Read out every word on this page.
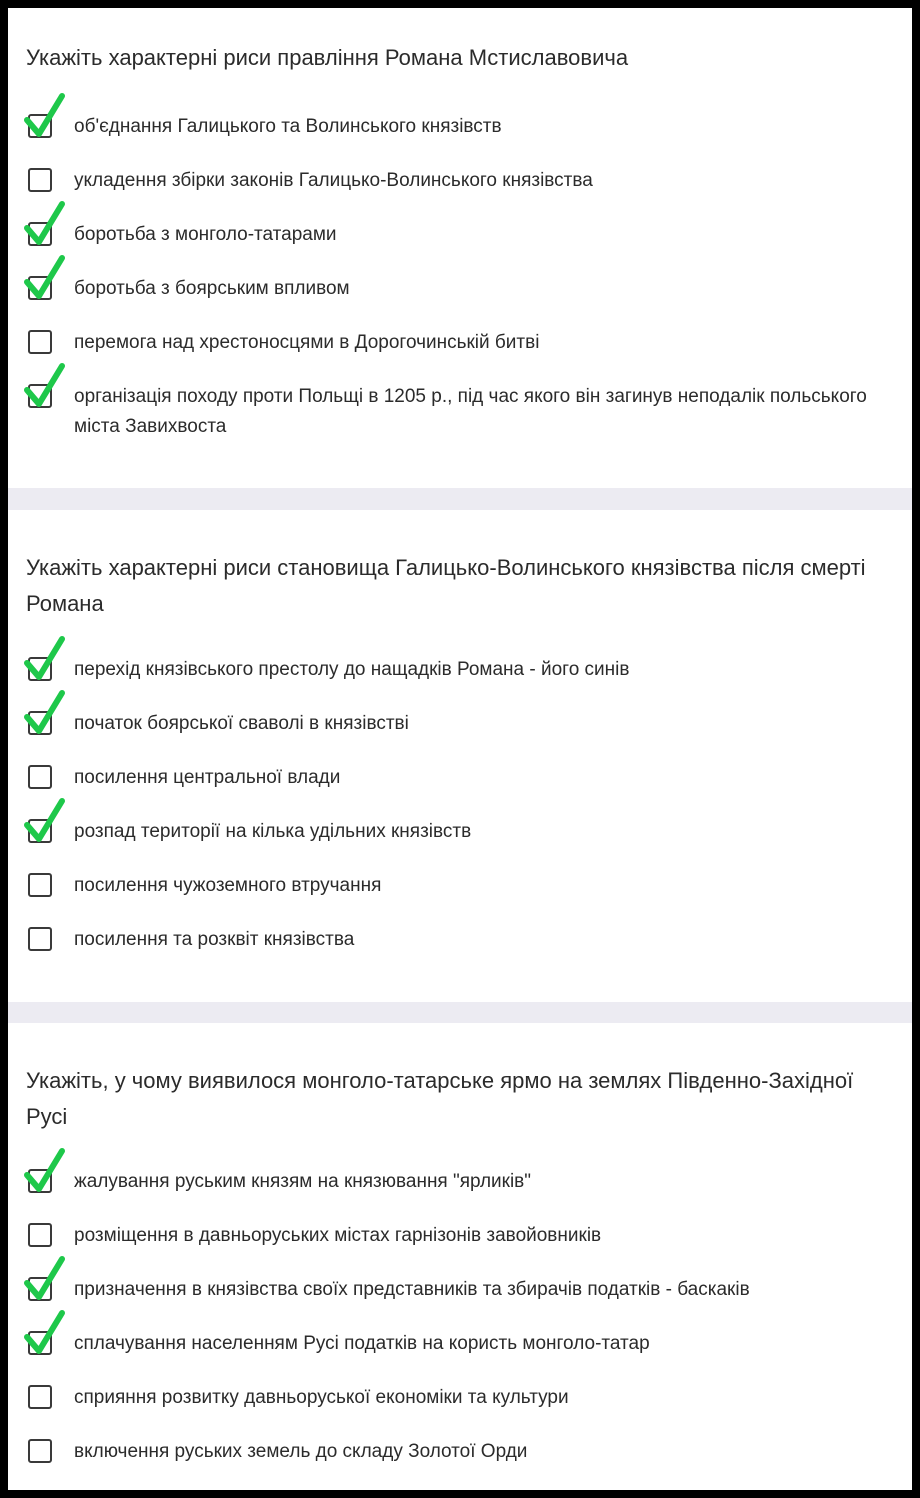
Укажіть характерні риси правління Романа Мстиславовича
об'єднання Галицького та Волинського князівств
укладення збірки законів Галицько-Волинського князівства
боротьба з монголо-татарами
боротьба з боярським впливом
перемога над хрестоносцями в Дорогочинській битві
організація походу проти Польщі в 1205 р., під час якого він загинув неподалік польського міста Завихвоста
Укажіть характерні риси становища Галицько-Волинського князівства після смерті Романа
перехід князівського престолу до нащадків Романа - його синів
початок боярської сваволі в князівстві
посилення центральної влади
розпад території на кілька удільних князівств
посилення чужоземного втручання
посилення та розквіт князівства
Укажіть, у чому виявилося монголо-татарське ярмо на землях Південно-Західної Русі
жалування руським князям на князювання "ярликів"
розміщення в давньоруських містах гарнізонів завойовників
призначення в князівства своїх представників та збирачів податків - баскаків
сплачування населенням Русі податків на користь монголо-татар
сприяння розвитку давньоруської економіки та культури
включення руських земель до складу Золотої Орди
